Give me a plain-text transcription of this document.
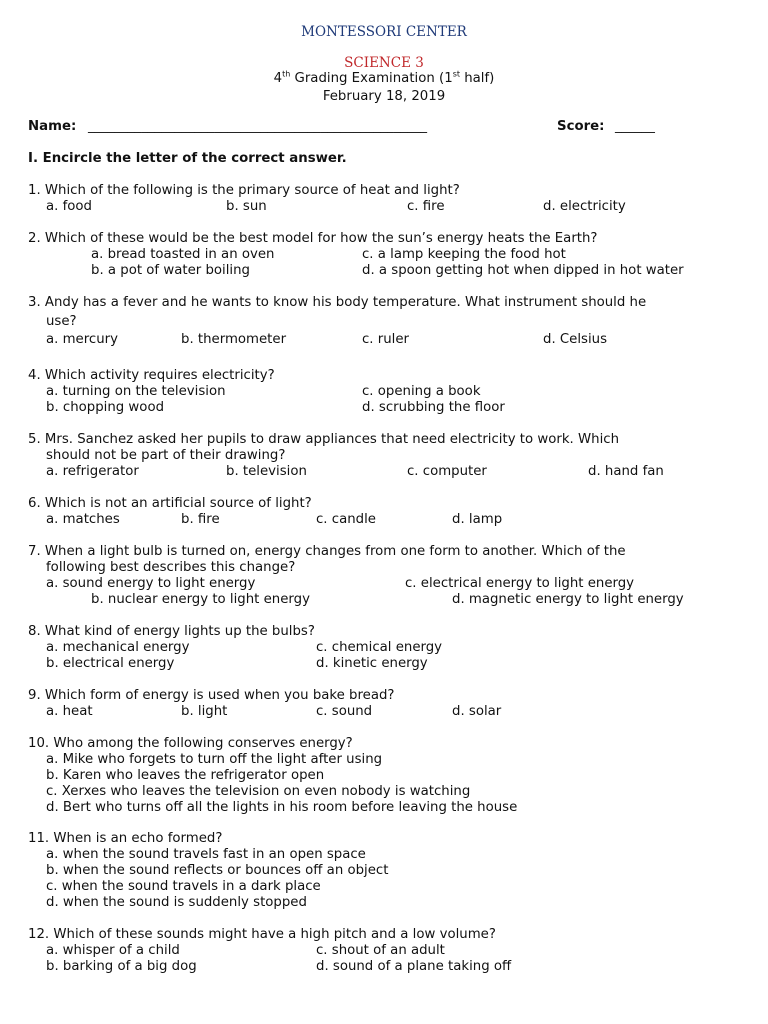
MONTESSORI CENTER
SCIENCE 3
4th Grading Examination (1st half)
February 18, 2019
Name: ___________________________________________________	Score: ______
I. Encircle the letter of the correct answer.
1. Which of the following is the primary source of heat and light?
a. food	b. sun	c. fire	d. electricity
2. Which of these would be the best model for how the sun’s energy heats the Earth?
a. bread toasted in an oven	c. a lamp keeping the food hot
b. a pot of water boiling	d. a spoon getting hot when dipped in hot water
3. Andy has a fever and he wants to know his body temperature. What instrument should he
use?
a. mercury	b. thermometer	c. ruler	d. Celsius
4. Which activity requires electricity?
a. turning on the television	c. opening a book
b. chopping wood	d. scrubbing the floor
5. Mrs. Sanchez asked her pupils to draw appliances that need electricity to work. Which
should not be part of their drawing?
a. refrigerator	b. television	c. computer	d. hand fan
6. Which is not an artificial source of light?
a. matches	b. fire	c. candle	d. lamp
7. When a light bulb is turned on, energy changes from one form to another. Which of the
following best describes this change?
a. sound energy to light energy	c. electrical energy to light energy
b. nuclear energy to light energy	d. magnetic energy to light energy
8. What kind of energy lights up the bulbs?
a. mechanical energy	c. chemical energy
b. electrical energy	d. kinetic energy
9. Which form of energy is used when you bake bread?
a. heat	b. light	c. sound	d. solar
10. Who among the following conserves energy?
a. Mike who forgets to turn off the light after using
b. Karen who leaves the refrigerator open
c. Xerxes who leaves the television on even nobody is watching
d. Bert who turns off all the lights in his room before leaving the house
11. When is an echo formed?
a. when the sound travels fast in an open space
b. when the sound reflects or bounces off an object
c. when the sound travels in a dark place
d. when the sound is suddenly stopped
12. Which of these sounds might have a high pitch and a low volume?
a. whisper of a child	c. shout of an adult
b. barking of a big dog	d. sound of a plane taking off
